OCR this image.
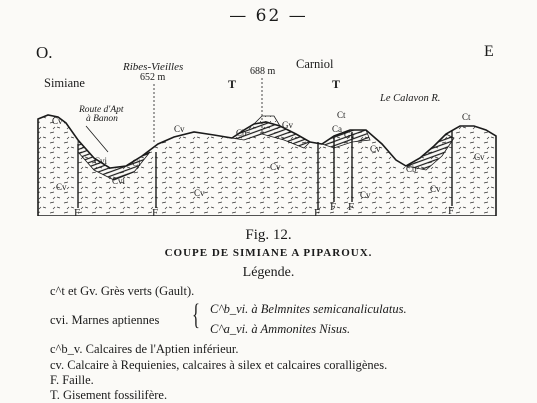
— 62 —
O.	E
Simiane
Ribes-Vieilles
652 m
688 m
Carniol
Le Calavon R.
Route d'Apt
à Banon
F	F	F F F	F
T	T
Cv
Cv
Cvi
Cvi
Ci
Cv
Cv
Cb
Gv
Cv
Ct
Ca
Gv
Cv
Cv
Cb
Cv
Ct
Cv
Fig. 12.
COUPE DE SIMIANE A PIPAROUX.
Légende.
c^t et Gv. Grès verts (Gault).
cvi. Marnes aptiennes { C^b_vi. à Belmnites semicanaliculatus.
C^a_vi. à Ammonites Nisus.
c^b_v. Calcaires de l'Aptien inférieur.
cv. Calcaire à Requienies, calcaires à silex et calcaires coralligènes.
F. Faille.
T. Gisement fossilifère.
